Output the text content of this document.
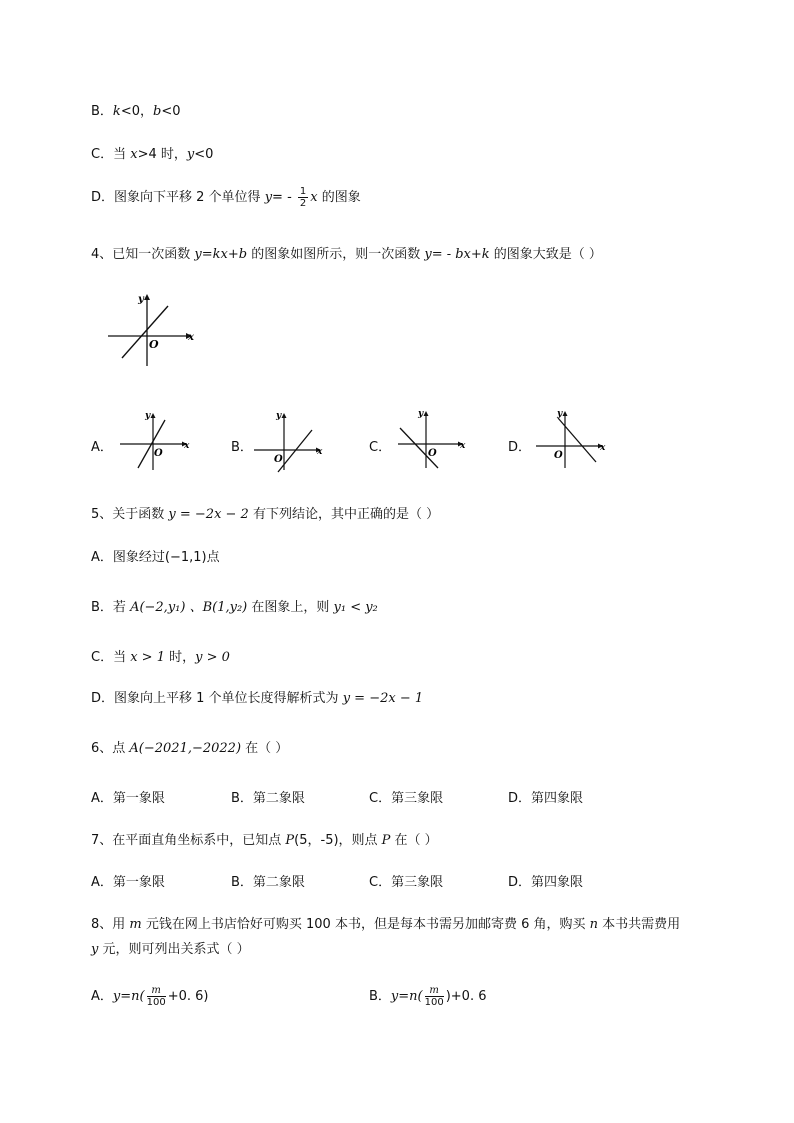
B．k<0，b<0
C．当 x>4 时，y<0
D．图象向下平移 2 个单位得 $y= - \frac{1}{2}$ x 的图象
4、已知一次函数 y=kx+b 的图象如图所示，则一次函数 y= - bx+k 的图象大致是（ ）
x
y
O
A．	x
y
O	B．	x
y
O
C．	x
y
O	D．	x
y
O
5、关于函数 y = −2x − 2 有下列结论，其中正确的是（ ）
A．图象经过(−1,1)点
B．若 A(−2,y₁) 、B(1,y₂) 在图象上，则 y₁ < y₂
C．当 x > 1 时，y > 0
D．图象向上平移 1 个单位长度得解析式为 y = −2x − 1
6、点 A(−2021,−2022) 在（ ）
A．第一象限	B．第二象限	C．第三象限	D．第四象限
7、在平面直角坐标系中，已知点 P(5，-5)，则点 P 在（ ）
A．第一象限	B．第二象限	C．第三象限	D．第四象限
8、用 m 元钱在网上书店恰好可购买 100 本书，但是每本书需另加邮寄费 6 角，购买 n 本书共需费用
y 元，则可列出关系式（ ）
A．$y=n( \frac{m}{100} +0$. 6)	B．$y=n( \frac{m}{100} )+0$. 6
